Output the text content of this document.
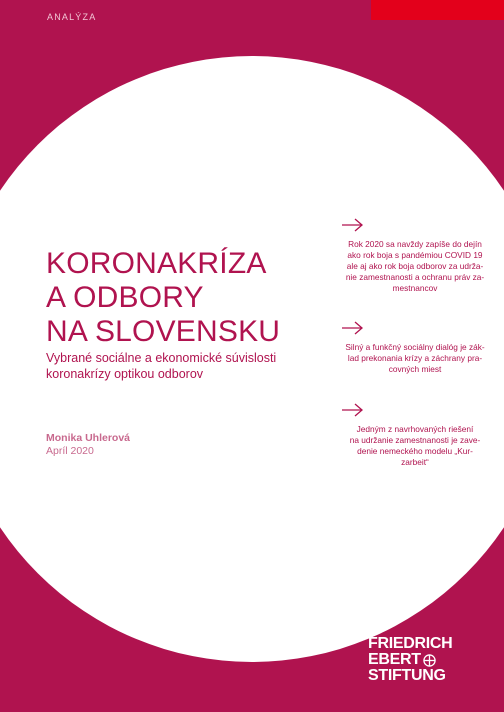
ANALÝZA
KORONAKRÍZA
A ODBORY
NA SLOVENSKU
Vybrané sociálne a ekonomické súvislosti
koronakrízy optikou odborov
Monika Uhlerová
Apríl 2020
Rok 2020 sa navždy zapíše do dejín
ako rok boja s pandémiou COVID 19
ale aj ako rok boja odborov za udrža-
nie zamestnanosti a ochranu práv za-
mestnancov
Silný a funkčný sociálny dialóg je zák-
lad prekonania krízy a záchrany pra-
covných miest
Jedným z navrhovaných riešení
na udržanie zamestnanosti je zave-
denie nemeckého modelu „Kur-
zarbeit“
FRIEDRICH
EBERT
STIFTUNG
